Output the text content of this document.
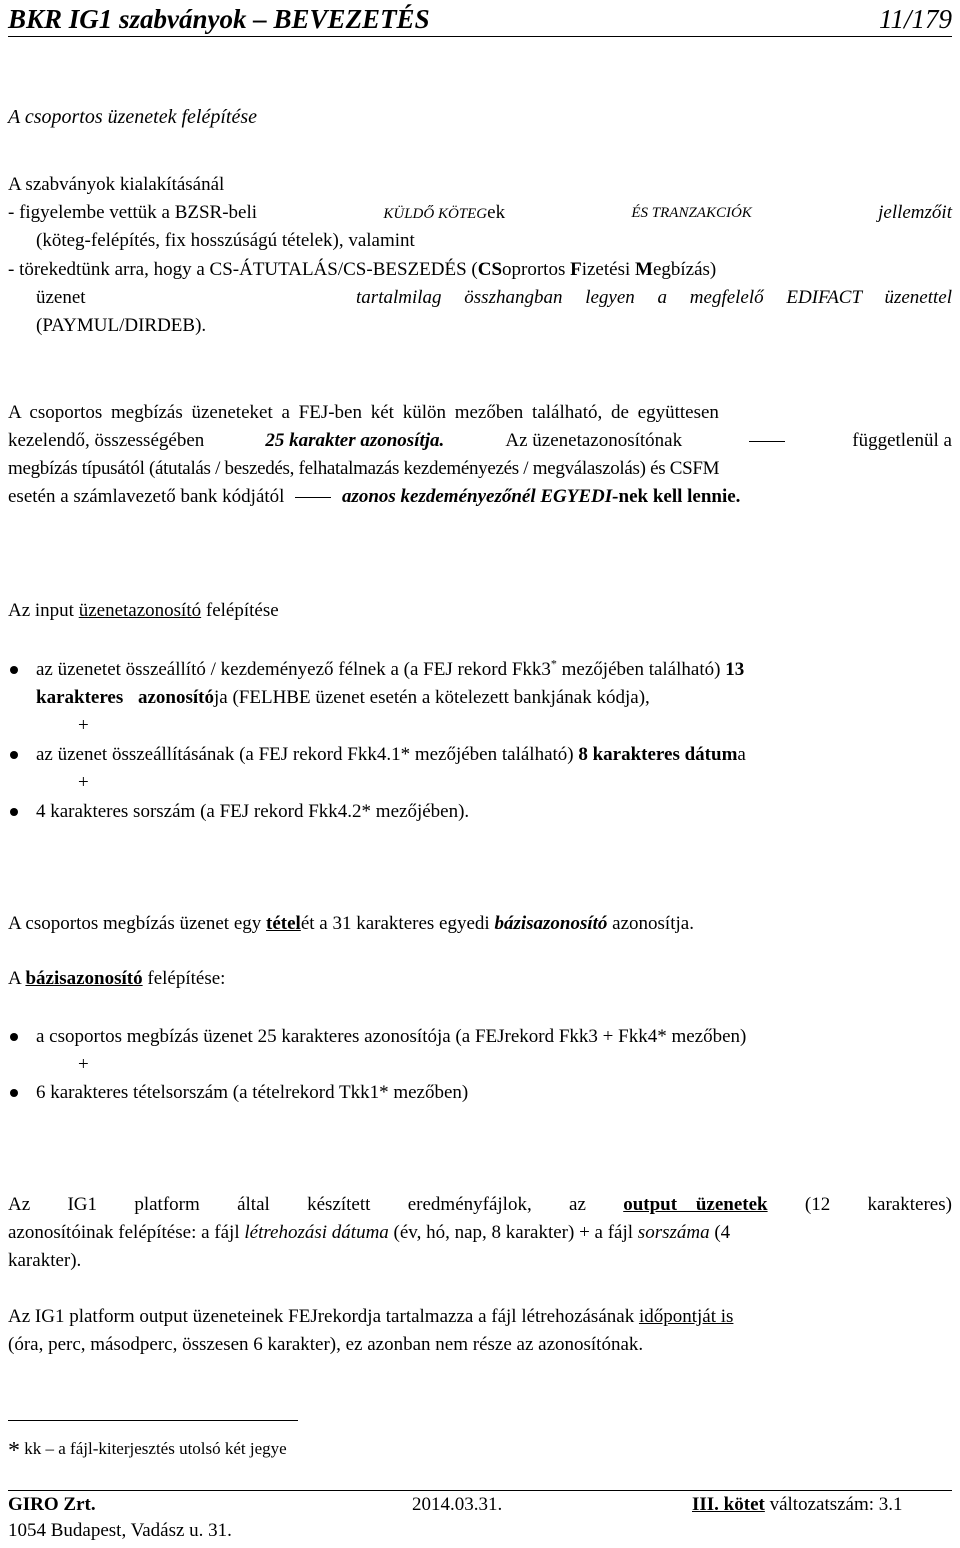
BKR IG1 szabványok – BEVEZETÉS	11/179
A csoportos üzenetek felépítése
A szabványok kialakításánál
- figyelembe vettük a BZSR-beli	KÜLDŐ KÖTEGek	ÉS TRANZAKCIÓK	jellemzőit
(köteg-felépítés, fix hosszúságú tételek), valamint
- törekedtünk arra, hogy a CS-ÁTUTALÁS/CS-BESZEDÉS (CSoprortos Fizetési Megbízás)
üzenet	tartalmilag összhangban legyen a megfelelő EDIFACT üzenettel
(PAYMUL/DIRDEB).
A csoportos megbízás üzeneteket a FEJ-ben két külön mezőben található, de együttesen
kezelendő, összességében	25 karakter azonosítja.	Az üzenetazonosítónak	függetlenül a
megbízás típusától (átutalás / beszedés, felhatalmazás kezdeményezés / megválaszolás) és CSFM
esetén a számlavezető bank kódjától	azonos kezdeményezőnél EGYEDI-nek kell lennie.
Az input üzenetazonosító felépítése
az üzenetet összeállító / kezdeményező félnek a (a FEJ rekord Fkk3* mezőjében található) 13
karakteres azonosítója (FELHBE üzenet esetén a kötelezett bankjának kódja),
+
az üzenet összeállításának (a FEJ rekord Fkk4.1* mezőjében található) 8 karakteres dátuma
+
4 karakteres sorszám (a FEJ rekord Fkk4.2* mezőjében).
A csoportos megbízás üzenet egy tételét a 31 karakteres egyedi bázisazonosító azonosítja.
A bázisazonosító felépítése:
a csoportos megbízás üzenet 25 karakteres azonosítója (a FEJrekord Fkk3 + Fkk4* mezőben)
+
6 karakteres tételsorszám (a tételrekord Tkk1* mezőben)
Az IG1 platform által készített eredményfájlok, az output üzenetek (12 karakteres)
azonosítóinak felépítése: a fájl létrehozási dátuma (év, hó, nap, 8 karakter) + a fájl sorszáma (4
karakter).
Az IG1 platform output üzeneteinek FEJrekordja tartalmazza a fájl létrehozásának időpontját is
(óra, perc, másodperc, összesen 6 karakter), ez azonban nem része az azonosítónak.
* kk – a fájl-kiterjesztés utolsó két jegye
GIRO Zrt.	2014.03.31.	III. kötet változatszám: 3.1
1054 Budapest, Vadász u. 31.
